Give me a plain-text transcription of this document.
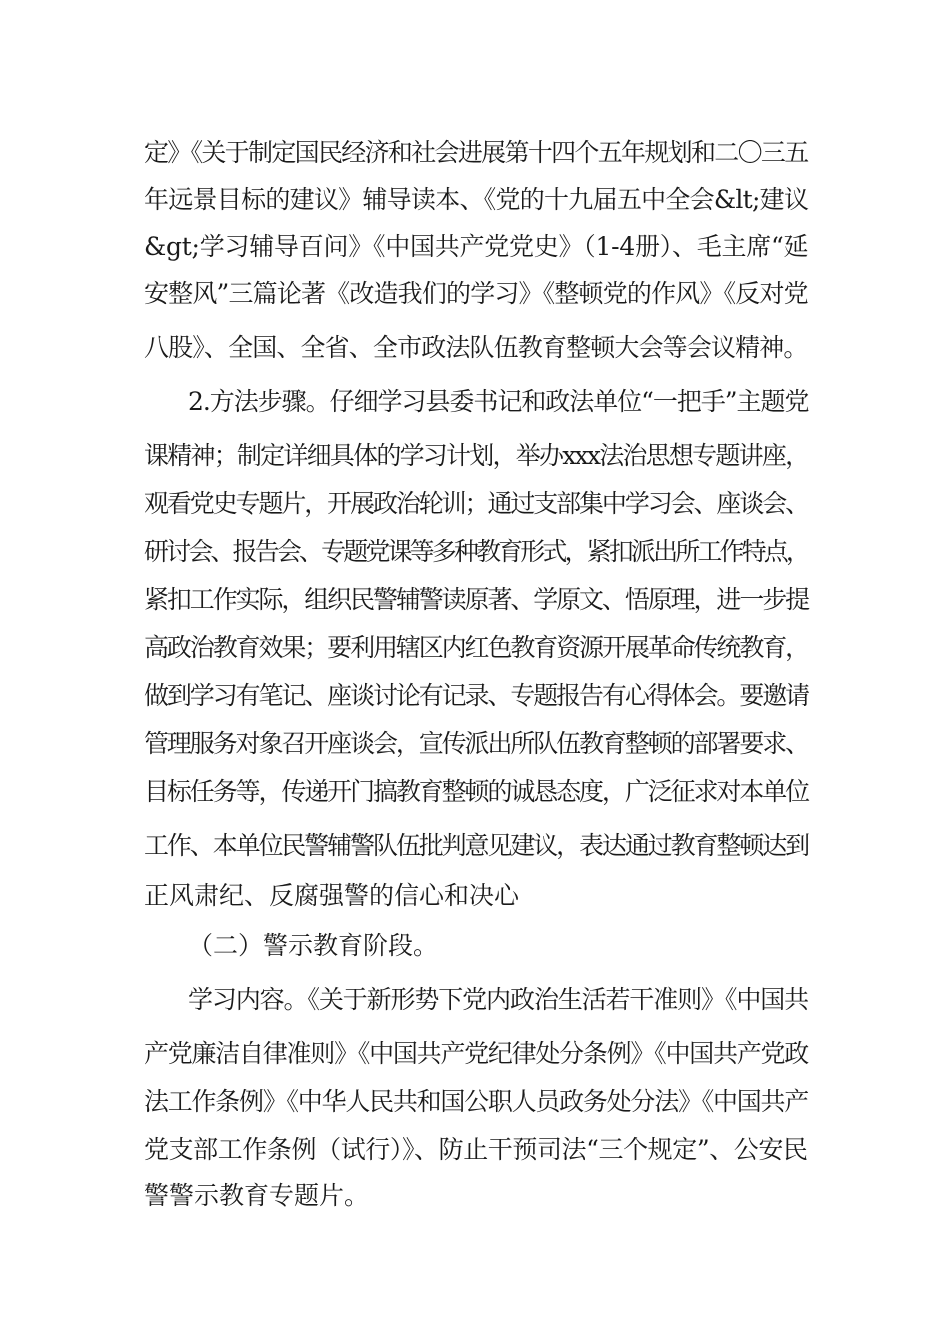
定》《关于制定国民经济和社会进展第十四个五年规划和二〇三五
年远景目标的建议》辅导读本、《党的十九届五中全会&lt;建议
&gt;学习辅导百问》《中国共产党党史》（1-4册）、毛主席“延
安整风”三篇论著《改造我们的学习》《整顿党的作风》《反对党
八股》、全国、全省、全市政法队伍教育整顿大会等会议精神。
2.方法步骤。仔细学习县委书记和政法单位“一把手”主题党
课精神；制定详细具体的学习计划，举办xxx法治思想专题讲座，
观看党史专题片，开展政治轮训；通过支部集中学习会、座谈会、
研讨会、报告会、专题党课等多种教育形式，紧扣派出所工作特点，
紧扣工作实际，组织民警辅警读原著、学原文、悟原理，进一步提
高政治教育效果；要利用辖区内红色教育资源开展革命传统教育，
做到学习有笔记、座谈讨论有记录、专题报告有心得体会。要邀请
管理服务对象召开座谈会，宣传派出所队伍教育整顿的部署要求、
目标任务等，传递开门搞教育整顿的诚恳态度，广泛征求对本单位
工作、本单位民警辅警队伍批判意见建议，表达通过教育整顿达到
正风肃纪、反腐强警的信心和决心
（二）警示教育阶段。
学习内容。《关于新形势下党内政治生活若干准则》《中国共
产党廉洁自律准则》《中国共产党纪律处分条例》《中国共产党政
法工作条例》《中华人民共和国公职人员政务处分法》《中国共产
党支部工作条例（试行）》、防止干预司法“三个规定”、公安民
警警示教育专题片。
